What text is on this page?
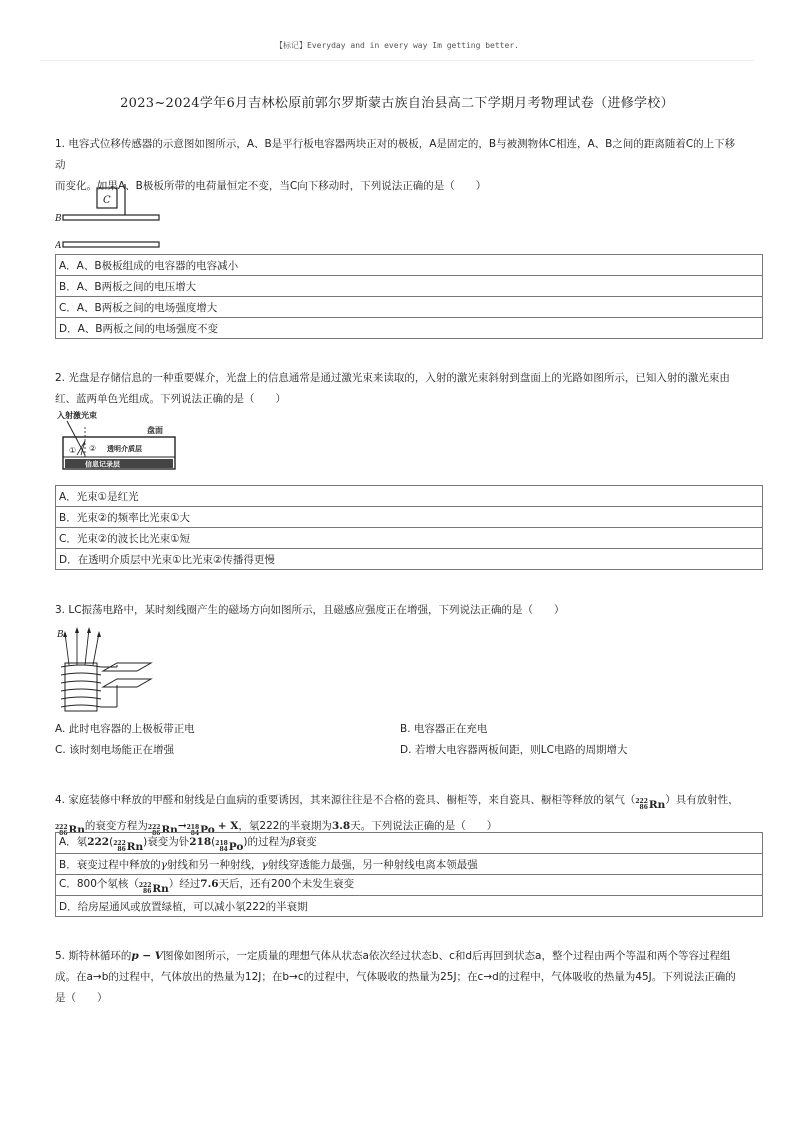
【标记】Everyday and in every way Im getting better.
2023~2024学年6月吉林松原前郭尔罗斯蒙古族自治县高二下学期月考物理试卷（进修学校）
1. 电容式位移传感器的示意图如图所示，A、B是平行板电容器两块正对的极板，A是固定的，B与被测物体C相连，A、B之间的距离随着C的上下移动
而变化。如果A、B极板所带的电荷量恒定不变，当C向下移动时，下列说法正确的是（　　）
C
B
A
A．A、B极板组成的电容器的电容减小
B．A、B两板之间的电压增大
C．A、B两板之间的电场强度增大
D．A、B两板之间的电场强度不变
2. 光盘是存储信息的一种重要媒介，光盘上的信息通常是通过激光束来读取的，入射的激光束斜射到盘面上的光路如图所示，已知入射的激光束由
红、蓝两单色光组成。下列说法正确的是（　　）
入射激光束
盘面
① ② 透明介质层
信息记录层
A．光束①是红光
B．光束②的频率比光束①大
C．光束②的波长比光束①短
D．在透明介质层中光束①比光束②传播得更慢
3. LC振荡电路中，某时刻线圈产生的磁场方向如图所示，且磁感应强度正在增强，下列说法正确的是（　　）
B
A. 此时电容器的上极板带正电	B. 电容器正在充电
C. 该时刻电场能正在增强	D. 若增大电容器两板间距，则LC电路的周期增大
4. 家庭装修中释放的甲醛和射线是白血病的重要诱因，其来源往往是不合格的瓷具、橱柜等，来自瓷具、橱柜等释放的氡气（ 222
86 Rn ）具有放射性，
222
86 Rn 的衰变方程为 222
86 Rn → 218
84 Po + X，氡222的半衰期为3.8天。下列说法正确的是（　　）
A．氡222( 222
86 Rn )衰变为钋218( 218
84 Po )的过程为β衰变
B．衰变过程中释放的γ射线和另一种射线，γ射线穿透能力最强，另一种射线电离本领最强
C．800个氡核（ 222
86 Rn ）经过7.6天后，还有200个未发生衰变
D．给房屋通风或放置绿植，可以减小氡222的半衰期
5. 斯特林循环的p − V图像如图所示，一定质量的理想气体从状态a依次经过状态b、c和d后再回到状态a，整个过程由两个等温和两个等容过程组
成。在a→b的过程中，气体放出的热量为12J；在b→c的过程中，气体吸收的热量为25J；在c→d的过程中，气体吸收的热量为45J。下列说法正确的
是（　　）
